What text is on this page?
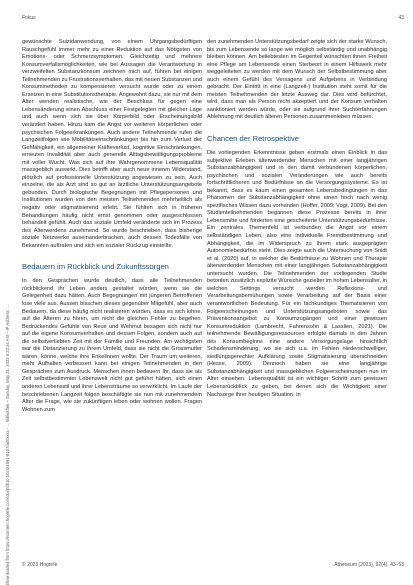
Fokus	43
Downloaded from https://econtent.hogrefe.com/doi/pdf/10.1024/1661-8157/a00xxxx - ... Bibliothek – Sunday, May 21, 2023 5:22:34 AM – IP Address: ...

gewünschte Suizidanwendung, von einem Uhrgangsbedürftigen Rauschgefühl immer mehr zu einer Reduktion auf das Nötigsten von Emotions- oder Schmerzsymptomen. Gleichzeitig und mehrere Konsumverfallsmöglichkeiten, wie bei Aussagen die Verantwortung in verzweifelten Substanzkonsum zeichnen mich auf, führen bei einigen Teilnehmenden zu Frustrationsverhalten, das mit neuen Substanzen und Konsummethoden zu kompensieren versucht wurde oder zu einem Ersetzen in eine Substitutionstherapie. Angewohnt dazu, sie nur mit dem Alter wenden realistische, wie der Beschluss für gegen eine Lebensänderung einen Abschluss einer Festgelegten mit gleicher Lage und auch wenn sich sie über Körperbild oder Erscheinungsbild verändert haben. Hinzu kam die Angst vor weiteren körperlichen oder psychischen Folgeerkrankungen. Auch andere Teilnehmende rufen die Langzeitfolgen wie Mobilitätseinschränkungen bis hin zum Verlust der Gehfähigkeit, ein allgemeiner Kräfteverlust, kognitive Einschränkungen, erneuten Invalidität aber auch generelle Alltagsbewältigungsprobleme mit voller Wucht. Was sich auf ihre Wahrgenommene Lebensqualität massgeblich auswirkt. Dies betrifft aber auch neue inneren Widerstand, plötzlich auf professionelle Unterstützung angewiesen zu sein. Auch einzelne, die als Arzt sind so gut an ärztliche Unterstützungsangebote gebunden. Durch biologische Begegnungen mit Pflegepersonen und Institutionen wurden von den meisten Teilnehmenden mehrheitlich als negativ oder stigmatisierend erlebt. Sie fühlten sich in früheren Behandlungen häufig nicht ernst genommen oder ausgeschlossen behandelt gefühlt. Auch das soziale Umfeld veränderte sich im Prozess des Älterwerdens zunehmend. So wurde beschrieben, dass bisherige soziale Netzwerke auseinanderbrachen, auch dessen Todesfälle von Bekannten auftraten und sich ein sozialer Rückzug einstellte.

Bedauern im Rückblick und Zukunftssorgen

In den Gesprächen wurde deutlich, dass alle Teilnehmenden rückblickend ihr Leben anders gestaltet würden, wenn sie die Gelegenheit dazu hätten. Auch Begegnungen mit jüngeren Betroffenen lose viele aus. Aussen bisschen dieses gegenüber Mitgefühl, aber auch Bedauern, da diese häufig nicht realisieren würden, dass es sich lohne, auf die Älteren zu hören, um nicht die gleichen Fehler zu begehen. Bedrückendes Gefühle von Reue und Wehmut besagen sich nicht nur auf die eigene Konsumverhalten und dessen Folgen, sondern auch auf die selbstverliebten Zeit mit der Familie und Freunden. Am wichtigsten war die Distanzierung zu ihrem Umfeld, dass sie nicht die Grossmutter wären, könne, welche ihre Enkelinnen wollte. Der Traum um weiteren, mehr Aufhalten verbessert kann bei einigen Teilnehmenden in den Gesprächen zum Ausdruck. Menschen ihnen bedauern Ihr, dass sie als Zeit selbstbestimmter Lebenswelt nicht gut geführt hätten, sich einen anderen Lebensstil und ihrer Lebensträume so verwirklicht. Im Laufe der beschriebenen Langzeit folgen beschäftigte sie nun mit zunehmendem Alter die Frage, wie sie zukünftigen leben oder wohnen wollen. Fragen Wohnen zum

den zunehmenden Unterstützungsbedarf zeigte sich der starke Wunsch, bis zum Lebensende so lange wie möglich selbständig und unabhängig bleiben können. Am beliebtesten im Gegenteil wünschten ihnen Freiheit eine Pflege am Lebensende einen Sterbeort in einem Hilfswerk mehr weggeleiteten zu werden mit dem Wunsch der Selbstbestimmung aber auch einem Gefühl des Versagens und Aufgebens in Verbindung gebracht. Der Eintritt in eine (Langzeit-) Institution steht somit für die meisten Teilnehmenden der letzte Ausweg dar. Dies wird befürchtet, wird, dass man als Person nicht akzeptiert und der Konsum verhalten sanktioniert werden würde, oder sie aufgrund ihrer Suchterfahrungen Ablehnung mit deutlich älteren Personen zusammenleben müssen.

Chancen der Retrospektive

Die vorliegenden Erkenntnisse geben erstmals einen Einblick in das subjektive Erleben älterwerdender Menschen mit einer langjährigen Substanzabhängigkeit und in den damit verbundenen körperlichen, psychischen und sozialen Veränderungen wie auch bereits fortschrittlicheren und Bedürfnisse an die Versorgungssysteme. Es ist bekannt, dass es kaum einen gesamten Lebensbedingungen in das Phänomen der Substanzabhängigkeit ohne einen hoch nach wenig spezifisches Wissen dazu vorhanden (Hoffer, 2009; Vogt, 2009). Bei den Studienteilnehmenden begannen diese Prozesse bereits in ihrer Lebensmitte und förderten eine gescheiterte Unterstützungsbedürfnisse. Ein zentrales Themenfeld ist verbunden die Angst vor einem selbständigen Leben, also eine individuelle Fremdbestimmung und Abhängigkeit, die im Widerspruch zu ihrem stark ausgeprägten Autonomiebedürfnis steht. Dies zeigte auch die Untersuchung von Snidt et al. (2020) auf, in welcher die Bedürfnisse zu Wohnen und Therapie älterwerdender Menschen mit einer langjährigen Substanzabhängigkeit untersucht wurden. Die Teilnehmenden der vorliegenden Studie betonten zusätzlich explizite Wünsche gezielter im hohen Lebensalter, in welchen Settings versucht werden Reflexions- und Verarbeitungsbemühungen sowie Verarbeitung auf der Basis einer verantwortlichen Bedeutung. Für ein fachkundiges Thematisieren von Folgeerscheinungen und Unterstützungsangeboten sowie das Präventionsangebot zu Konsumzugängen und einer gewissen Konsumreduktion (Lambrecht, Fahrensohn & Lasslien, 2021). Die teilnehmende Bewältigungsressourcen erfolgte damals in den Jahren des Konsumbeginns eine andere Versorgungslage hinsichtlich Schadensminderung, wo sie sich u.a. im Fehlen niederschwelliger, siedlungsgerechter Aufklärung sowie Stigmatisierung überschneiden (Hesse, 2009). Dennoch haben sie eine langjährige Substanzabhängigkeit und massgeblichen Folgeerscheinungen nun im Alter einsehen. Lebensqualität ist ein wichtiger Schritt zum gewissen Lebensrückblick zu geben, bei denen sich die Wichtigkeit einer Nachsorge ihrer heutigen Situation, in

© 2023 Hogrefe	Atheneum (2023), 92(4), 43–53
